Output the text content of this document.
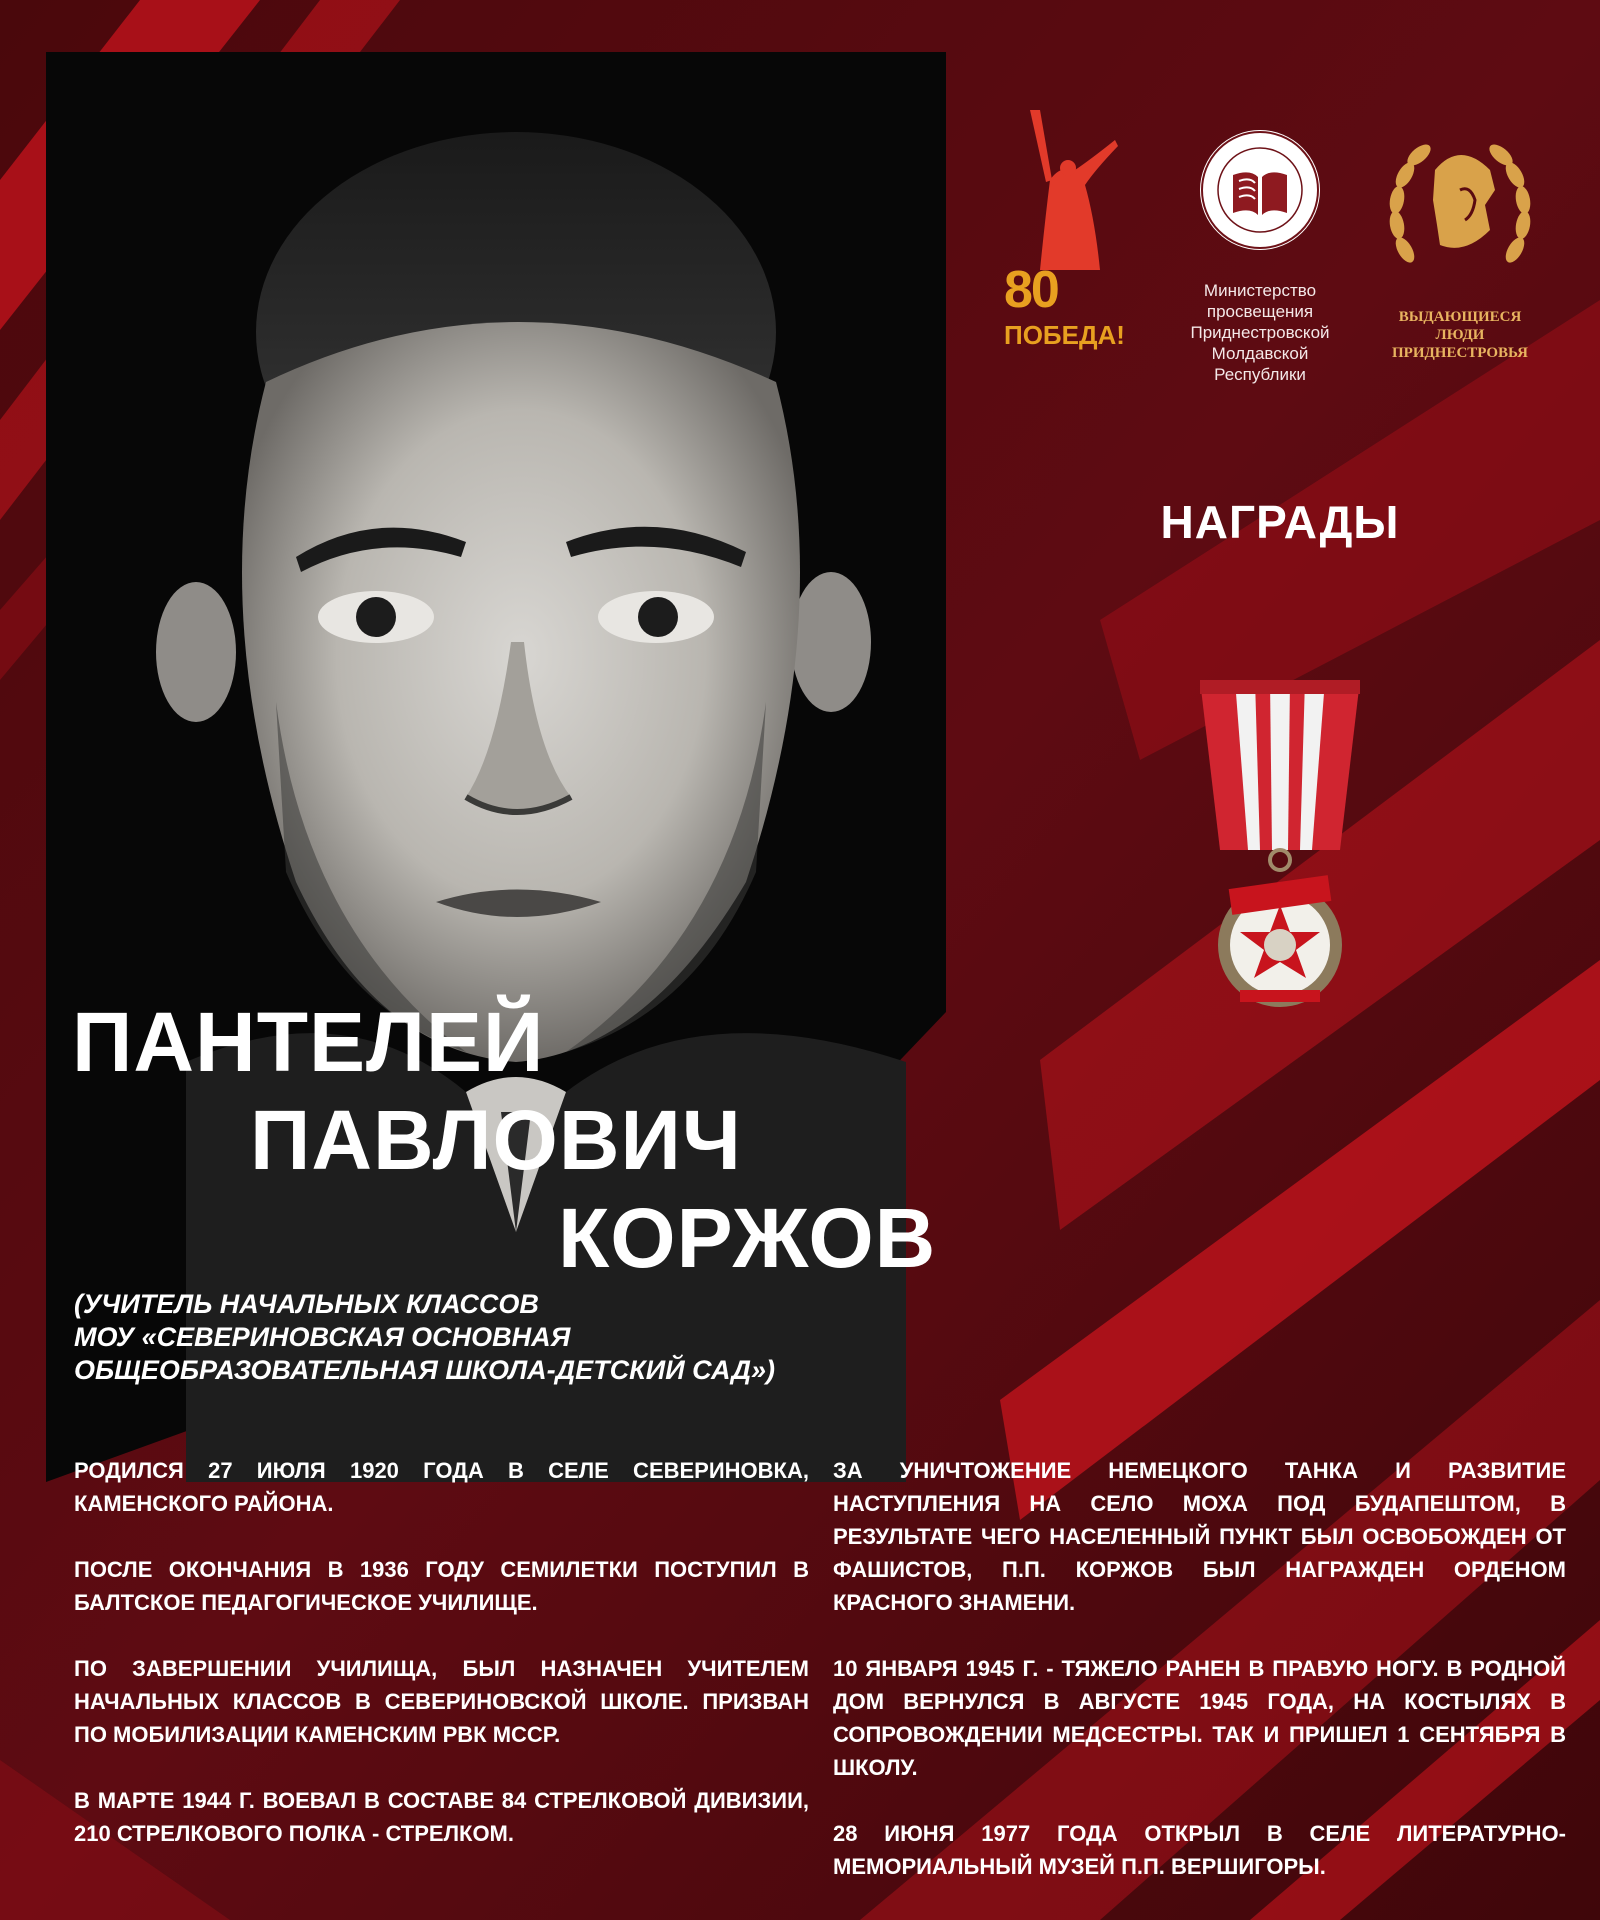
80
ПОБЕДА!
Министерство
просвещения
Приднестровской
Молдавской
Республики
ВЫДАЮЩИЕСЯ
ЛЮДИ
ПРИДНЕСТРОВЬЯ
НАГРАДЫ
ПАНТЕЛЕЙ
ПАВЛОВИЧ
КОРЖОВ
(УЧИТЕЛЬ НАЧАЛЬНЫХ КЛАССОВ
МОУ «СЕВЕРИНОВСКАЯ ОСНОВНАЯ
ОБЩЕОБРАЗОВАТЕЛЬНАЯ ШКОЛА-ДЕТСКИЙ САД»)

РОДИЛСЯ 27 ИЮЛЯ 1920 ГОДА В СЕЛЕ СЕВЕРИНОВКА, КАМЕНСКОГО РАЙОНА.

ПОСЛЕ ОКОНЧАНИЯ В 1936 ГОДУ СЕМИЛЕТКИ ПОСТУПИЛ В БАЛТСКОЕ ПЕДАГОГИЧЕСКОЕ УЧИЛИЩЕ.

ПО ЗАВЕРШЕНИИ УЧИЛИЩА, БЫЛ НАЗНАЧЕН УЧИТЕЛЕМ НАЧАЛЬНЫХ КЛАССОВ В СЕВЕРИНОВСКОЙ ШКОЛЕ. ПРИЗВАН ПО МОБИЛИЗАЦИИ КАМЕНСКИМ РВК МССР.

В МАРТЕ 1944 Г. ВОЕВАЛ В СОСТАВЕ 84 СТРЕЛКОВОЙ ДИВИЗИИ, 210 СТРЕЛКОВОГО ПОЛКА - СТРЕЛКОМ.

ЗА УНИЧТОЖЕНИЕ НЕМЕЦКОГО ТАНКА И РАЗВИТИЕ НАСТУПЛЕНИЯ НА СЕЛО МОХА ПОД БУДАПЕШТОМ, В РЕЗУЛЬТАТЕ ЧЕГО НАСЕЛЕННЫЙ ПУНКТ БЫЛ ОСВОБОЖДЕН ОТ ФАШИСТОВ, П.П. КОРЖОВ БЫЛ НАГРАЖДЕН ОРДЕНОМ КРАСНОГО ЗНАМЕНИ.

10 ЯНВАРЯ 1945 Г. - ТЯЖЕЛО РАНЕН В ПРАВУЮ НОГУ. В РОДНОЙ ДОМ ВЕРНУЛСЯ В АВГУСТЕ 1945 ГОДА, НА КОСТЫЛЯХ В СОПРОВОЖДЕНИИ МЕДСЕСТРЫ. ТАК И ПРИШЕЛ 1 СЕНТЯБРЯ В ШКОЛУ.

28 ИЮНЯ 1977 ГОДА ОТКРЫЛ В СЕЛЕ ЛИТЕРАТУРНО-МЕМОРИАЛЬНЫЙ МУЗЕЙ П.П. ВЕРШИГОРЫ.
